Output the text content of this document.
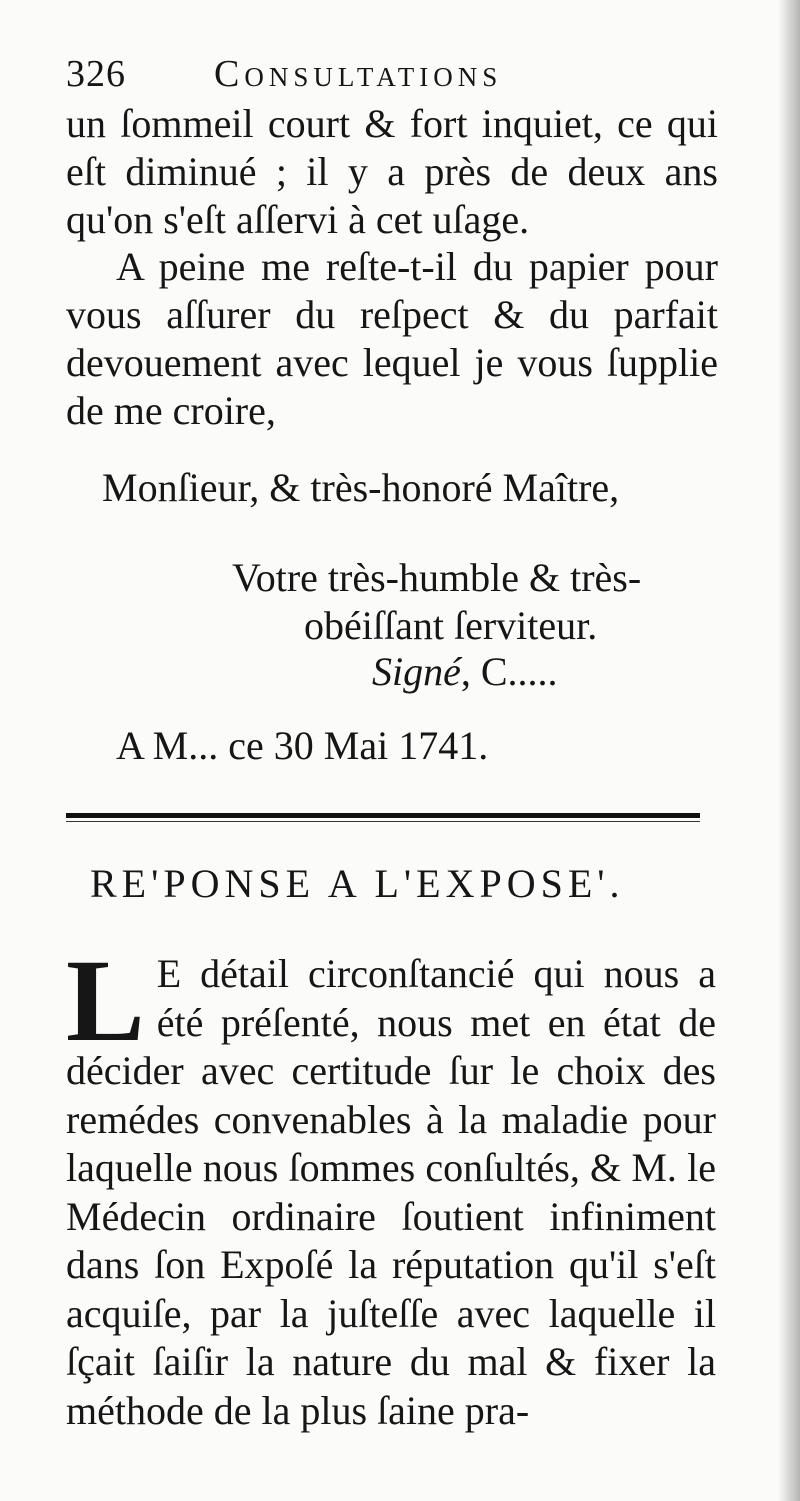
326 Consultations
un ſommeil court & fort inquiet, ce qui eſt diminué ; il y a près de deux ans qu'on s'eſt aſſervi à cet uſage.
A peine me reſte-t-il du papier pour vous aſſurer du reſpect & du parfait devouement avec lequel je vous ſupplie de me croire,
Monſieur, & très-honoré Maître,
Votre très-humble & très-
obéiſſant ſerviteur.
Signé, C.....
A M... ce 30 Mai 1741.
RE'PONSE A L'EXPOSE'.
L E détail circonſtancié qui nous a été préſenté, nous met en état de décider avec certitude ſur le choix des remédes convenables à la maladie pour laquelle nous ſommes conſultés, & M. le Médecin ordinaire ſoutient infiniment dans ſon Expoſé la réputation qu'il s'eſt acquiſe, par la juſteſſe avec laquelle il ſçait ſaiſir la nature du mal & fixer la méthode de la plus ſaine pra-
